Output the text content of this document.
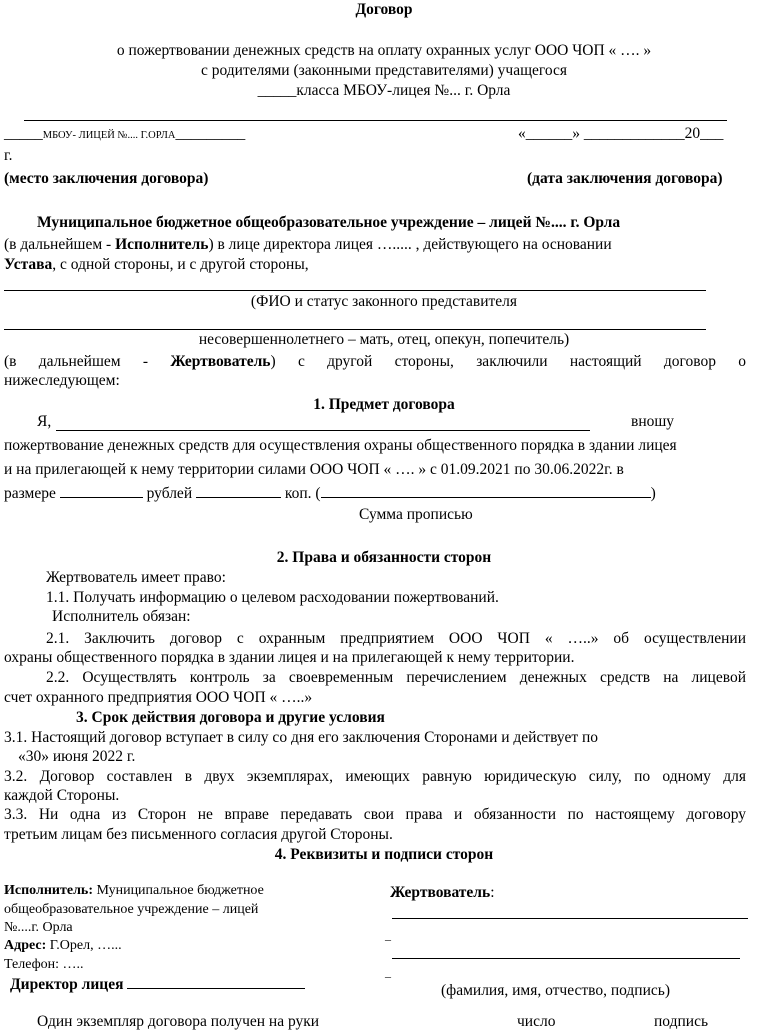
Договор
о пожертвовании денежных средств на оплату охранных услуг ООО ЧОП « …. »
с родителями (законными представителями) учащегося
_____класса МБОУ-лицея №... г. Орла
_____МБОУ- ЛИЦЕЙ №.... Г.ОРЛА_________	«______» _____________20___
г.
(место заключения договора)	(дата заключения договора)
Муниципальное бюджетное общеобразовательное учреждение – лицей №.... г. Орла
(в дальнейшем - Исполнитель) в лице директора лицея …..... , действующего на основании
Устава, с одной стороны, и с другой стороны,
(ФИО и статус законного представителя
несовершеннолетнего – мать, отец, опекун, попечитель)
(в дальнейшем - Жертвователь) с другой стороны, заключили настоящий договор о
нижеследующем:
1. Предмет договора
Я,	вношу
пожертвование денежных средств для осуществления охраны общественного порядка в здании лицея
и на прилегающей к нему территории силами ООО ЧОП « …. » с 01.09.2021 по 30.06.2022г. в
размере	рублей	коп. (	)
Сумма прописью
2. Права и обязанности сторон
Жертвователь имеет право:
1.1. Получать информацию о целевом расходовании пожертвований.
Исполнитель обязан:
2.1. Заключить договор с охранным предприятием ООО ЧОП « …..» об осуществлении
охраны общественного порядка в здании лицея и на прилегающей к нему территории.
2.2. Осуществлять контроль за своевременным перечислением денежных средств на лицевой
счет охранного предприятия ООО ЧОП « …..»
3. Срок действия договора и другие условия
3.1. Настоящий договор вступает в силу со дня его заключения Сторонами и действует по
«30» июня 2022 г.
3.2. Договор составлен в двух экземплярах, имеющих равную юридическую силу, по одному для
каждой Стороны.
3.3. Ни одна из Сторон не вправе передавать свои права и обязанности по настоящему договору
третьим лицам без письменного согласия другой Стороны.
4. Реквизиты и подписи сторон
Исполнитель: Муниципальное бюджетное
общеобразовательное учреждение – лицей
№....г. Орла
Адрес: Г.Орел, …...
Телефон: …..
Директор лицея
Жертвователь:
_
_
(фамилия, имя, отчество, подпись)
Один экземпляр договора получен на руки	число	подпись
